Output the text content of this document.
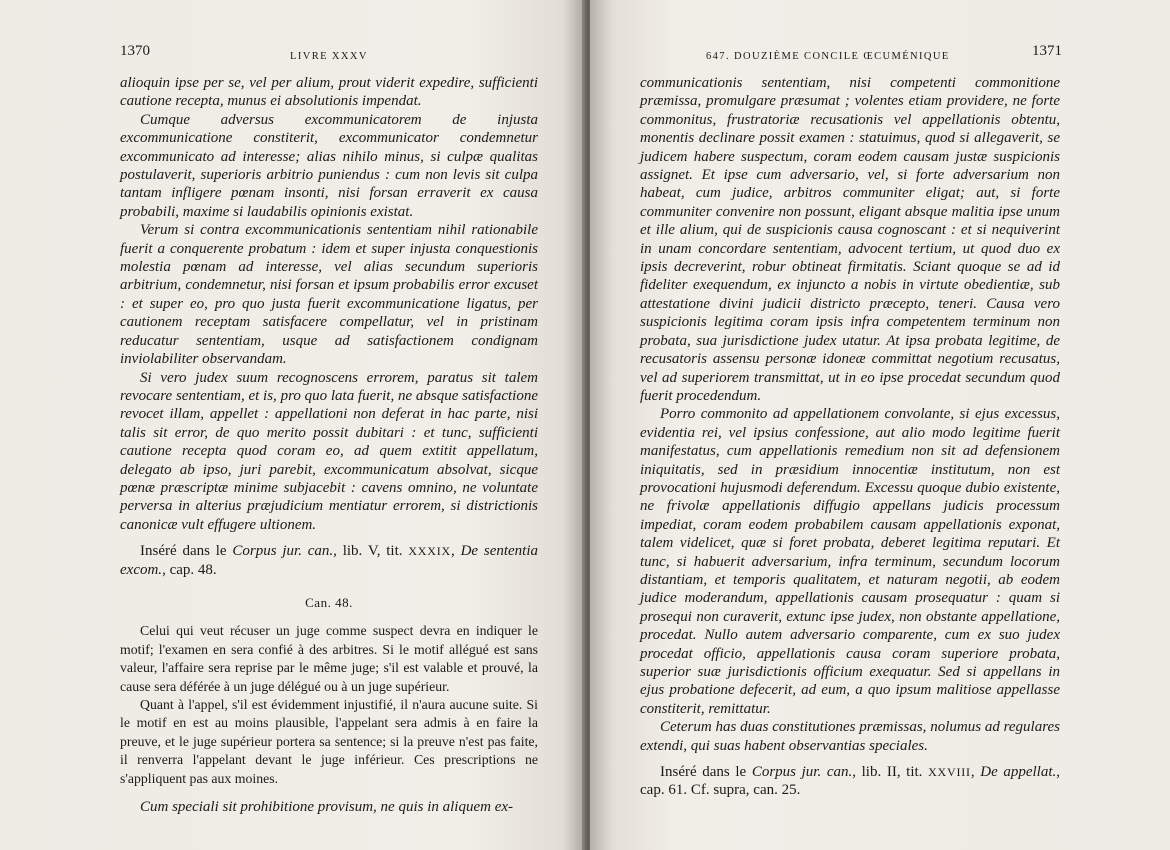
1370	LIVRE XXXV

alioquin ipse per se, vel per alium, prout viderit expedire, sufficienti cautione recepta, munus ei absolutionis impendat.

Cumque adversus excommunicatorem de injusta excommunicatione constiterit, excommunicator condemnetur excommunicato ad interesse; alias nihilo minus, si culpæ qualitas postulaverit, superioris arbitrio puniendus : cum non levis sit culpa tantam infligere pœnam insonti, nisi forsan erraverit ex causa probabili, maxime si laudabilis opinionis existat.

Verum si contra excommunicationis sententiam nihil rationabile fuerit a conquerente probatum : idem et super injusta conquestionis molestia pœnam ad interesse, vel alias secundum superioris arbitrium, condemnetur, nisi forsan et ipsum probabilis error excuset : et super eo, pro quo justa fuerit excommunicatione ligatus, per cautionem receptam satisfacere compellatur, vel in pristinam reducatur sententiam, usque ad satisfactionem condignam inviolabiliter observandam.

Si vero judex suum recognoscens errorem, paratus sit talem revocare sententiam, et is, pro quo lata fuerit, ne absque satisfactione revocet illam, appellet : appellationi non deferat in hac parte, nisi talis sit error, de quo merito possit dubitari : et tunc, sufficienti cautione recepta quod coram eo, ad quem extitit appellatum, delegato ab ipso, juri parebit, excommunicatum absolvat, sicque pœnæ præscriptæ minime subjacebit : cavens omnino, ne voluntate perversa in alterius præjudicium mentiatur errorem, si districtionis canonicæ vult effugere ultionem.

Inséré dans le Corpus jur. can., lib. V, tit. XXXIX, De sententia excom., cap. 48.

Can. 48.

Celui qui veut récuser un juge comme suspect devra en indiquer le motif; l'examen en sera confié à des arbitres. Si le motif allégué est sans valeur, l'affaire sera reprise par le même juge; s'il est valable et prouvé, la cause sera déférée à un juge délégué ou à un juge supérieur.

Quant à l'appel, s'il est évidemment injustifié, il n'aura aucune suite. Si le motif en est au moins plausible, l'appelant sera admis à en faire la preuve, et le juge supérieur portera sa sentence; si la preuve n'est pas faite, il renverra l'appelant devant le juge inférieur. Ces prescriptions ne s'appliquent pas aux moines.

Cum speciali sit prohibitione provisum, ne quis in aliquem ex-

647. DOUZIÈME CONCILE ŒCUMÉNIQUE	1371

communicationis sententiam, nisi competenti commonitione præmissa, promulgare præsumat ; volentes etiam providere, ne forte commonitus, frustratoriæ recusationis vel appellationis obtentu, monentis declinare possit examen : statuimus, quod si allegaverit, se judicem habere suspectum, coram eodem causam justæ suspicionis assignet. Et ipse cum adversario, vel, si forte adversarium non habeat, cum judice, arbitros communiter eligat; aut, si forte communiter convenire non possunt, eligant absque malitia ipse unum et ille alium, qui de suspicionis causa cognoscant : et si nequiverint in unam concordare sententiam, advocent tertium, ut quod duo ex ipsis decreverint, robur obtineat firmitatis. Sciant quoque se ad id fideliter exequendum, ex injuncto a nobis in virtute obedientiæ, sub attestatione divini judicii districto præcepto, teneri. Causa vero suspicionis legitima coram ipsis infra competentem terminum non probata, sua jurisdictione judex utatur. At ipsa probata legitime, de recusatoris assensu personæ idoneæ committat negotium recusatus, vel ad superiorem transmittat, ut in eo ipse procedat secundum quod fuerit procedendum.

Porro commonito ad appellationem convolante, si ejus excessus, evidentia rei, vel ipsius confessione, aut alio modo legitime fuerit manifestatus, cum appellationis remedium non sit ad defensionem iniquitatis, sed in præsidium innocentiæ institutum, non est provocationi hujusmodi deferendum. Excessu quoque dubio existente, ne frivolæ appellationis diffugio appellans judicis processum impediat, coram eodem probabilem causam appellationis exponat, talem videlicet, quæ si foret probata, deberet legitima reputari. Et tunc, si habuerit adversarium, infra terminum, secundum locorum distantiam, et temporis qualitatem, et naturam negotii, ab eodem judice moderandum, appellationis causam prosequatur : quam si prosequi non curaverit, extunc ipse judex, non obstante appellatione, procedat. Nullo autem adversario comparente, cum ex suo judex procedat officio, appellationis causa coram superiore probata, superior suæ jurisdictionis officium exequatur. Sed si appellans in ejus probatione defecerit, ad eum, a quo ipsum malitiose appellasse constiterit, remittatur.

Ceterum has duas constitutiones præmissas, nolumus ad regulares extendi, qui suas habent observantias speciales.

Inséré dans le Corpus jur. can., lib. II, tit. XXVIII, De appellat., cap. 61. Cf. supra, can. 25.
